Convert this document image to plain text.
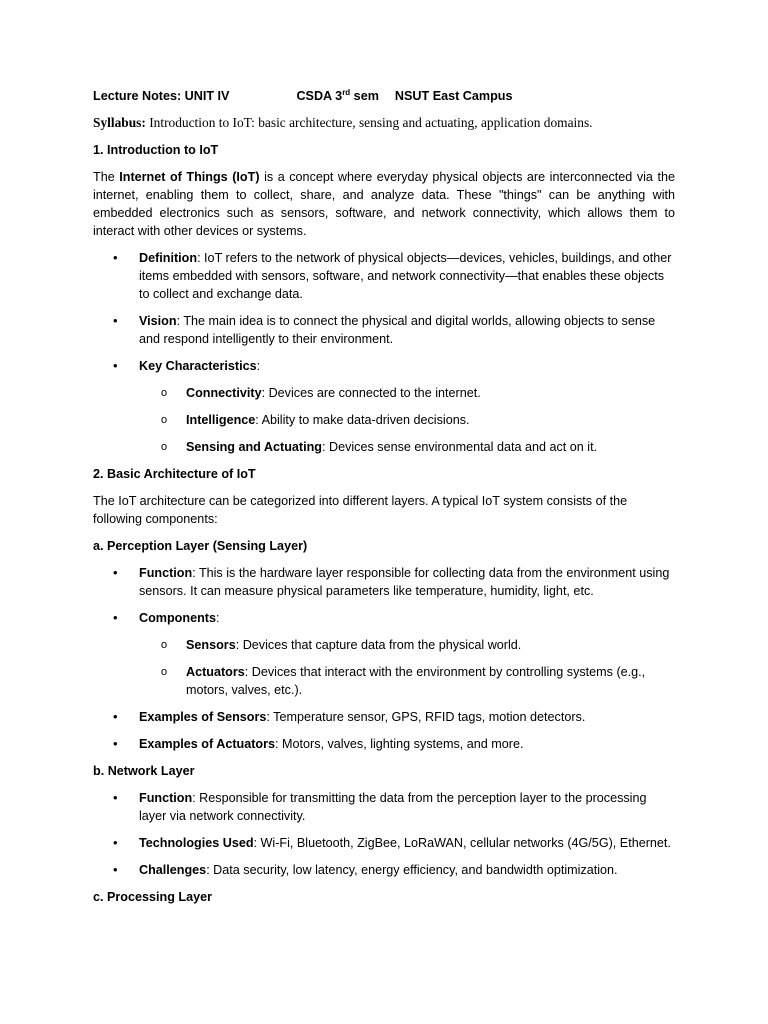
Lecture Notes: UNIT IV	CSDA 3rd sem NSUT East Campus

Syllabus: Introduction to IoT: basic architecture, sensing and actuating, application domains.

1. Introduction to IoT

The Internet of Things (IoT) is a concept where everyday physical objects are interconnected via the internet, enabling them to collect, share, and analyze data. These "things" can be anything with embedded electronics such as sensors, software, and network connectivity, which allows them to interact with other devices or systems.

• Definition: IoT refers to the network of physical objects—devices, vehicles, buildings, and other items embedded with sensors, software, and network connectivity—that enables these objects to collect and exchange data.
• Vision: The main idea is to connect the physical and digital worlds, allowing objects to sense and respond intelligently to their environment.
• Key Characteristics:
o Connectivity: Devices are connected to the internet.
o Intelligence: Ability to make data-driven decisions.
o Sensing and Actuating: Devices sense environmental data and act on it.
2. Basic Architecture of IoT

The IoT architecture can be categorized into different layers. A typical IoT system consists of the following components:

a. Perception Layer (Sensing Layer)
• Function: This is the hardware layer responsible for collecting data from the environment using sensors. It can measure physical parameters like temperature, humidity, light, etc.
• Components:
o Sensors: Devices that capture data from the physical world.
o Actuators: Devices that interact with the environment by controlling systems (e.g., motors, valves, etc.).
• Examples of Sensors: Temperature sensor, GPS, RFID tags, motion detectors.
• Examples of Actuators: Motors, valves, lighting systems, and more.
b. Network Layer
• Function: Responsible for transmitting the data from the perception layer to the processing layer via network connectivity.
• Technologies Used: Wi-Fi, Bluetooth, ZigBee, LoRaWAN, cellular networks (4G/5G), Ethernet.
• Challenges: Data security, low latency, energy efficiency, and bandwidth optimization.
c. Processing Layer
